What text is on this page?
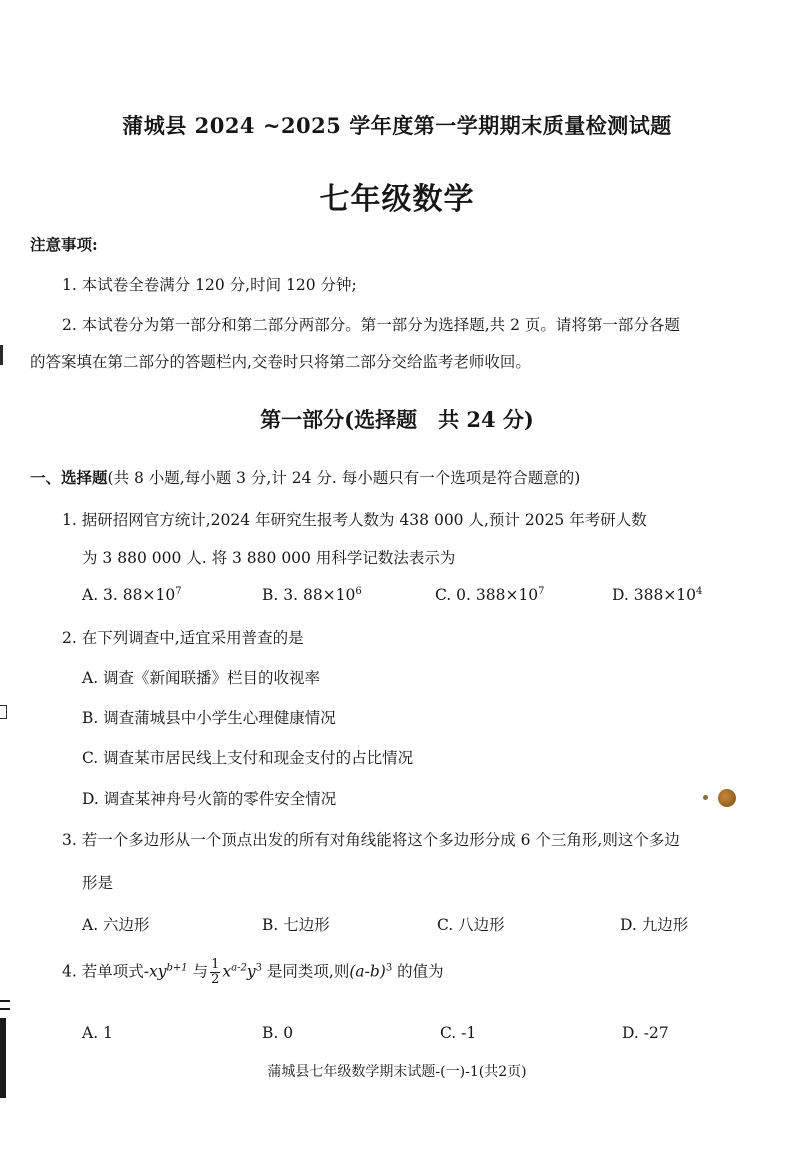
蒲城县 2024 ~2025 学年度第一学期期末质量检测试题
七年级数学
注意事项:
1. 本试卷全卷满分 120 分,时间 120 分钟;
2. 本试卷分为第一部分和第二部分两部分。第一部分为选择题,共 2 页。请将第一部分各题
的答案填在第二部分的答题栏内,交卷时只将第二部分交给监考老师收回。
第一部分(选择题　共 24 分)
一、选择题(共 8 小题,每小题 3 分,计 24 分. 每小题只有一个选项是符合题意的)
1. 据研招网官方统计,2024 年研究生报考人数为 438 000 人,预计 2025 年考研人数
为 3 880 000 人. 将 3 880 000 用科学记数法表示为
A. 3. $88\times 10^7$	B. 3. $88\times 10^6$	C. 0. $388\times 10^7$	D. $388\times 10^4$
2. 在下列调查中,适宜采用普查的是
A. 调查《新闻联播》栏目的收视率
B. 调查蒲城县中小学生心理健康情况
C. 调查某市居民线上支付和现金支付的占比情况
D. 调查某神舟号火箭的零件安全情况
3. 若一个多边形从一个顶点出发的所有对角线能将这个多边形分成 6 个三角形,则这个多边
形是
A. 六边形	B. 七边形	C. 八边形	D. 九边形
4. 若单项式$-xy^{b+1}$ 与 $\frac{1}{2} x^{a-2}y^3$ 是同类项,则$(a-b)^3$ 的值为
A. 1	B. 0	C. -1	D. -27
蒲城县七年级数学期末试题-(一)-1(共2页)
